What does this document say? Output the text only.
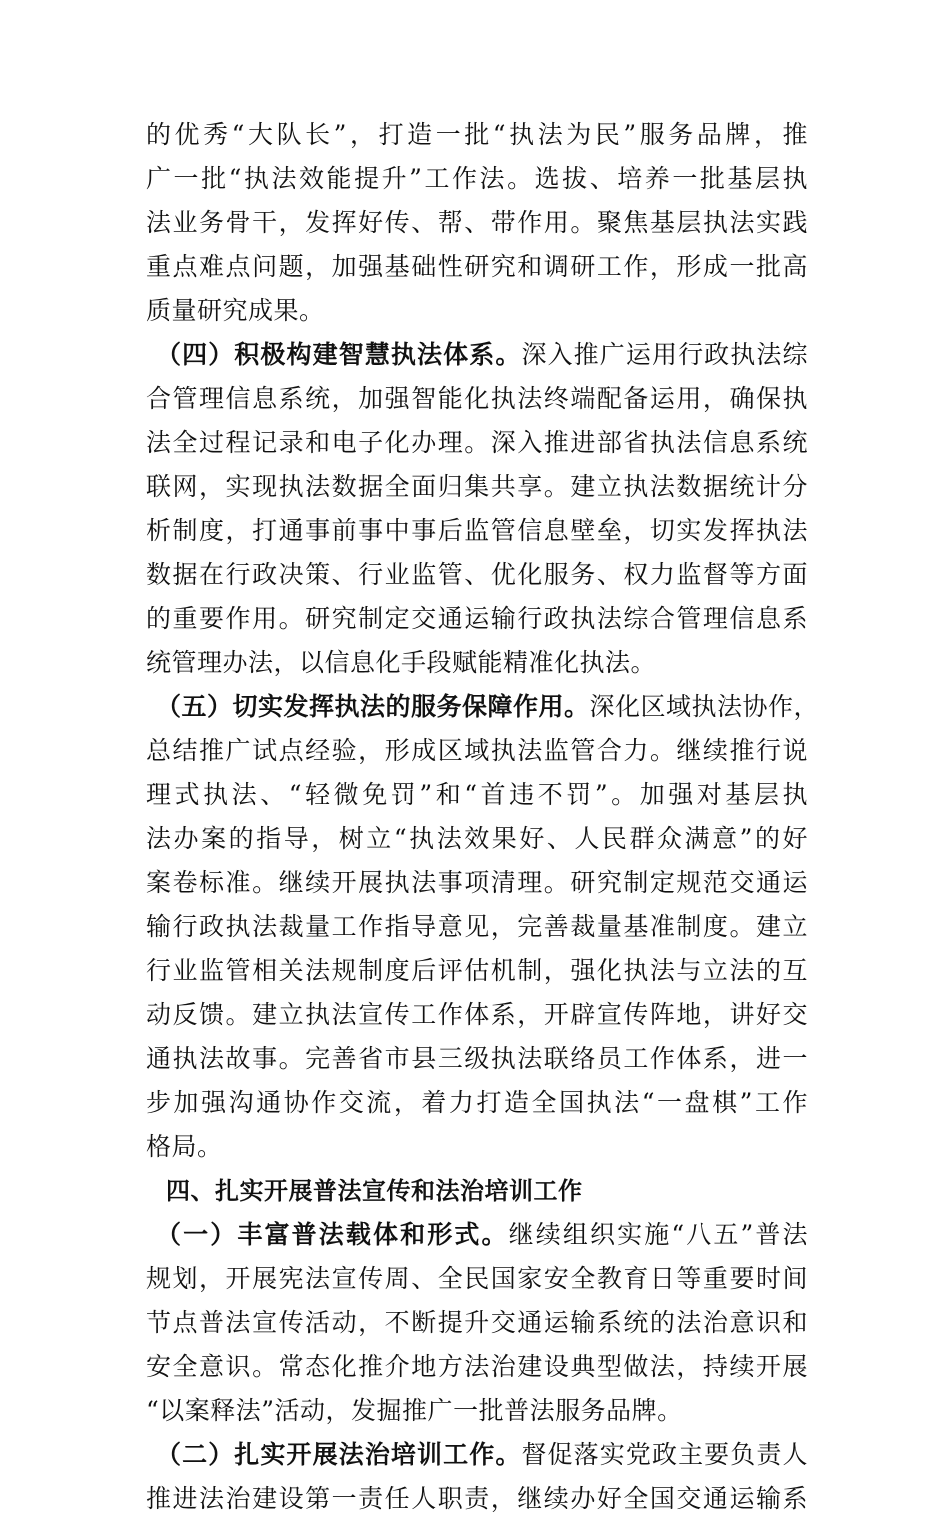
的优秀“大队长”，打造一批“执法为民”服务品牌，推
广一批“执法效能提升”工作法。选拔、培养一批基层执
法业务骨干，发挥好传、帮、带作用。聚焦基层执法实践
重点难点问题，加强基础性研究和调研工作，形成一批高
质量研究成果。
（四）积极构建智慧执法体系。深入推广运用行政执法综
合管理信息系统，加强智能化执法终端配备运用，确保执
法全过程记录和电子化办理。深入推进部省执法信息系统
联网，实现执法数据全面归集共享。建立执法数据统计分
析制度，打通事前事中事后监管信息壁垒，切实发挥执法
数据在行政决策、行业监管、优化服务、权力监督等方面
的重要作用。研究制定交通运输行政执法综合管理信息系
统管理办法，以信息化手段赋能精准化执法。
（五）切实发挥执法的服务保障作用。深化区域执法协作，
总结推广试点经验，形成区域执法监管合力。继续推行说
理式执法、“轻微免罚”和“首违不罚”。加强对基层执
法办案的指导，树立“执法效果好、人民群众满意”的好
案卷标准。继续开展执法事项清理。研究制定规范交通运
输行政执法裁量工作指导意见，完善裁量基准制度。建立
行业监管相关法规制度后评估机制，强化执法与立法的互
动反馈。建立执法宣传工作体系，开辟宣传阵地，讲好交
通执法故事。完善省市县三级执法联络员工作体系，进一
步加强沟通协作交流，着力打造全国执法“一盘棋”工作
格局。
四、扎实开展普法宣传和法治培训工作
（一）丰富普法载体和形式。继续组织实施“八五”普法
规划，开展宪法宣传周、全民国家安全教育日等重要时间
节点普法宣传活动，不断提升交通运输系统的法治意识和
安全意识。常态化推介地方法治建设典型做法，持续开展
“以案释法”活动，发掘推广一批普法服务品牌。
（二）扎实开展法治培训工作。督促落实党政主要负责人
推进法治建设第一责任人职责，继续办好全国交通运输系
